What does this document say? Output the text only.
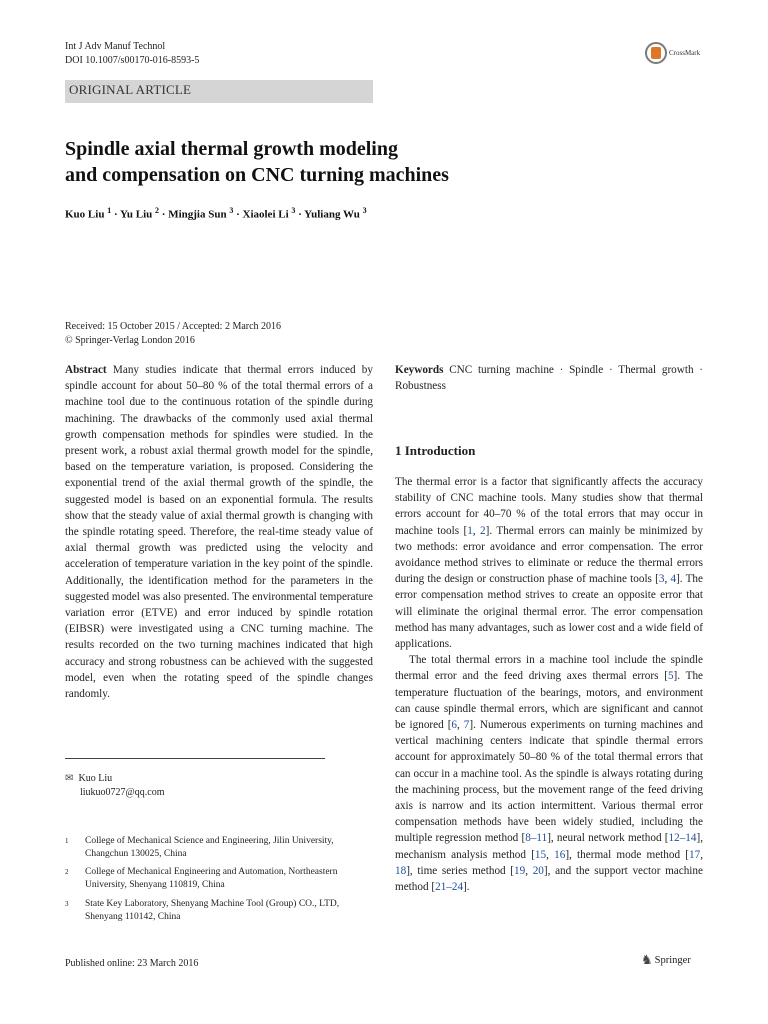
Int J Adv Manuf Technol
DOI 10.1007/s00170-016-8593-5
CrossMark
ORIGINAL ARTICLE
Spindle axial thermal growth modeling
and compensation on CNC turning machines
Kuo Liu $^1$ · Yu Liu $^2$ · Mingjia Sun $^3$ · Xiaolei Li $^3$ · Yuliang Wu $^3$
Received: 15 October 2015 / Accepted: 2 March 2016
© Springer-Verlag London 2016
Abstract Many studies indicate that thermal errors induced by spindle account for about 50–80 % of the total thermal errors of a machine tool due to the continuous rotation of the spindle during machining. The drawbacks of the commonly used axial thermal growth compensation methods for spindles were studied. In the present work, a robust axial thermal growth model for the spindle, based on the temperature variation, is proposed. Considering the exponential trend of the axial thermal growth of the spindle, the suggested model is based on an exponential formula. The results show that the steady value of axial thermal growth is changing with the spindle rotating speed. Therefore, the real-time steady value of axial thermal growth was predicted using the velocity and acceleration of temperature variation in the key point of the spindle. Additionally, the identification method for the parameters in the suggested model was also presented. The environmental temperature variation error (ETVE) and error induced by spindle rotation (EIBSR) were investigated using a CNC turning machine. The results recorded on the two turning machines indicated that high accuracy and strong robustness can be achieved with the suggested model, even when the rotating speed of the spindle changes randomly.
Keywords CNC turning machine · Spindle · Thermal growth · Robustness
1 Introduction

The thermal error is a factor that significantly affects the accuracy stability of CNC machine tools. Many studies show that thermal errors account for 40–70 % of the total errors that may occur in machine tools [1, 2]. Thermal errors can mainly be minimized by two methods: error avoidance and error compensation. The error avoidance method strives to eliminate or reduce the thermal errors during the design or construction phase of machine tools [3, 4]. The error compensation method strives to create an opposite error that will eliminate the original thermal error. The error compensation method has many advantages, such as lower cost and a wide field of applications.

The total thermal errors in a machine tool include the spindle thermal error and the feed driving axes thermal errors [5]. The temperature fluctuation of the bearings, motors, and environment can cause spindle thermal errors, which are significant and cannot be ignored [6, 7]. Numerous experiments on turning machines and vertical machining centers indicate that spindle thermal errors account for approximately 50–80 % of the total thermal errors that can occur in a machine tool. As the spindle is always rotating during the machining process, but the movement range of the feed driving axis is narrow and its action intermittent. Various thermal error compensation methods have been widely studied, including the multiple regression method [8–11], neural network method [12–14], mechanism analysis method [15, 16], thermal mode method [17, 18], time series method [19, 20], and the support vector machine method [21–24].

✉ Kuo Liu
liukuo0727@qq.com
1	College of Mechanical Science and Engineering, Jilin University,
Changchun 130025, China
2	College of Mechanical Engineering and Automation, Northeastern
University, Shenyang 110819, China
3	State Key Laboratory, Shenyang Machine Tool (Group) CO., LTD,
Shenyang 110142, China
Published online: 23 March 2016	♞ Springer
